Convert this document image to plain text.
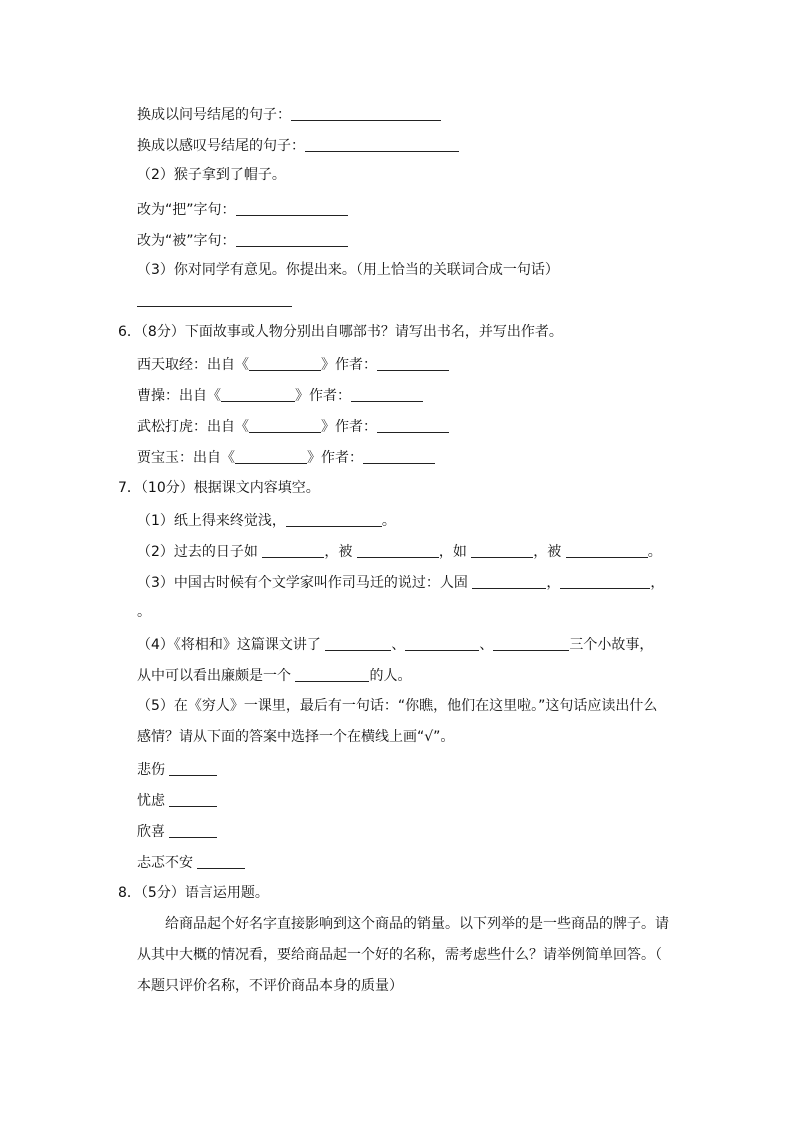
换成以问号结尾的句子：
换成以感叹号结尾的句子：
（2）猴子拿到了帽子。
改为“把”字句：
改为“被”字句：
（3）你对同学有意见。你提出来。（用上恰当的关联词合成一句话）
6．（8分）下面故事或人物分别出自哪部书？请写出书名，并写出作者。
西天取经：出自《	》作者：
曹操：出自《	》作者：
武松打虎：出自《	》作者：
贾宝玉：出自《	》作者：
7．（10分）根据课文内容填空。
（1）纸上得来终觉浅，	。
（2）过去的日子如	，被	，如	，被	。
（3）中国古时候有个文学家叫作司马迁的说过：人固	，	，
。
（4）《将相和》这篇课文讲了	、	、	三个小故事，
从中可以看出廉颇是一个	的人。
（5）在《穷人》一课里，最后有一句话：“你瞧，他们在这里啦。”这句话应读出什么
感情？请从下面的答案中选择一个在横线上画“√”。
悲伤
忧虑
欣喜
忐忑不安
8．（5分）语言运用题。
给商品起个好名字直接影响到这个商品的销量。以下列举的是一些商品的牌子。请
从其中大概的情况看，要给商品起一个好的名称，需考虑些什么？请举例简单回答。（
本题只评价名称，不评价商品本身的质量）
